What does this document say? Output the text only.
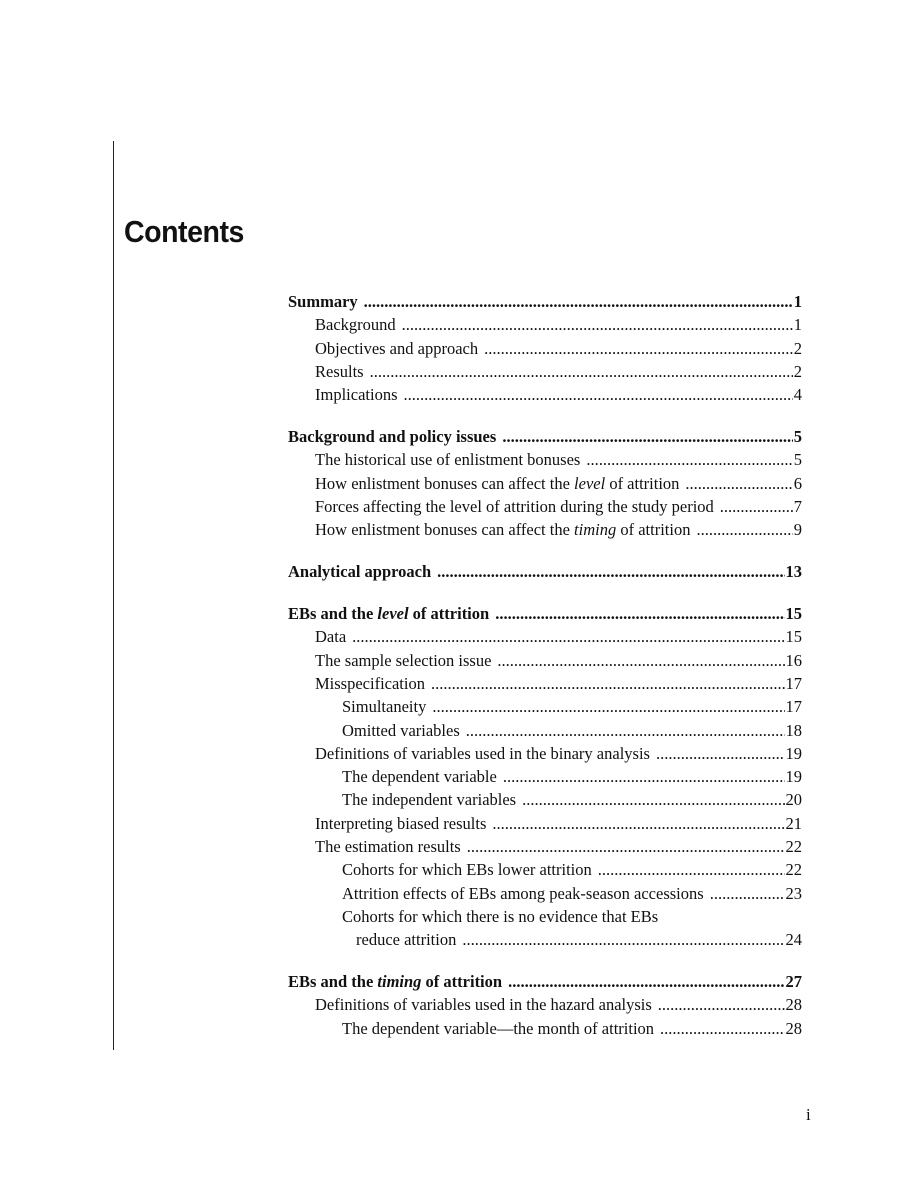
Contents
Summary .....	1
Background .....	1
Objectives and approach .....	2
Results .....	2
Implications .....	4
Background and policy issues .....	5
The historical use of enlistment bonuses .....	5
How enlistment bonuses can affect the level of attrition .....	6
Forces affecting the level of attrition during the study period .....	7
How enlistment bonuses can affect the timing of attrition .....	9
Analytical approach .....	13
EBs and the level of attrition .....	15
Data .....	15
The sample selection issue .....	16
Misspecification .....	17
Simultaneity .....	17
Omitted variables .....	18
Definitions of variables used in the binary analysis .....	19
The dependent variable .....	19
The independent variables .....	20
Interpreting biased results .....	21
The estimation results .....	22
Cohorts for which EBs lower attrition .....	22
Attrition effects of EBs among peak-season accessions .....	23
Cohorts for which there is no evidence that EBs
reduce attrition .....	24
EBs and the timing of attrition .....	27
Definitions of variables used in the hazard analysis .....	28
The dependent variable—the month of attrition .....	28
i
